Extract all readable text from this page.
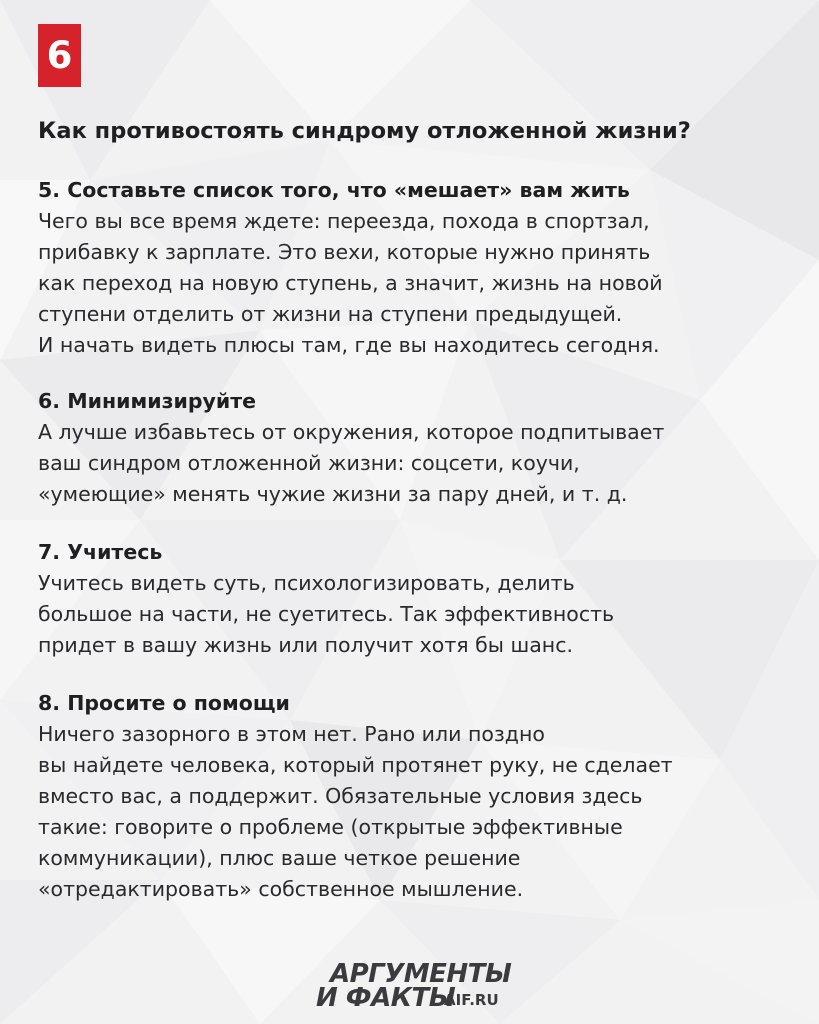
6
Как противостоять синдрому отложенной жизни?
5. Составьте список того, что «мешает» вам жить

Чего вы все время ждете: переезда, похода в спортзал,
прибавку к зарплате. Это вехи, которые нужно принять
как переход на новую ступень, а значит, жизнь на новой
ступени отделить от жизни на ступени предыдущей.
И начать видеть плюсы там, где вы находитесь сегодня.

6. Минимизируйте

А лучше избавьтесь от окружения, которое подпитывает
ваш синдром отложенной жизни: соцсети, коучи,
«умеющие» менять чужие жизни за пару дней, и т. д.

7. Учитесь

Учитесь видеть суть, психологизировать, делить
большое на части, не суетитесь. Так эффективность
придет в вашу жизнь или получит хотя бы шанс.

8. Просите о помощи

Ничего зазорного в этом нет. Рано или поздно
вы найдете человека, который протянет руку, не сделает
вместо вас, а поддержит. Обязательные условия здесь
такие: говорите о проблеме (открытые эффективные
коммуникации), плюс ваше четкое решение
«отредактировать» собственное мышление.

АРГУМЕНТЫ
И ФАКТЫ
AIF.RU
